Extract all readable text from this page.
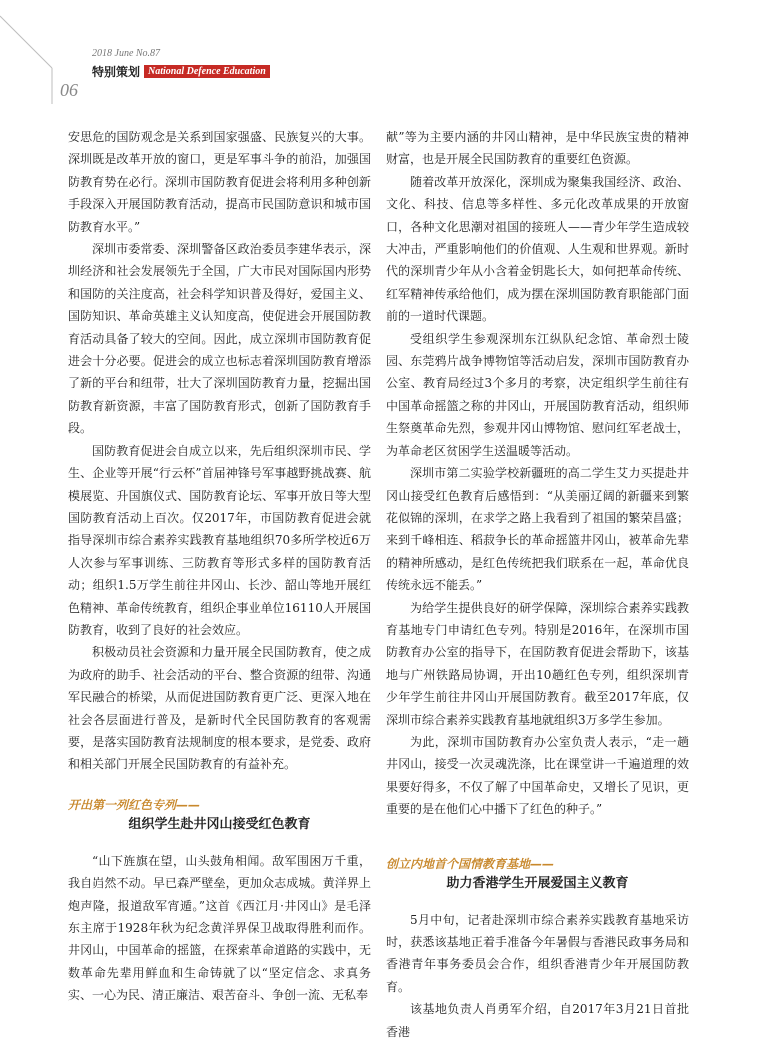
2018 June No.87
特别策划 National Defence Education
06

安思危的国防观念是关系到国家强盛、民族复兴的大事。深圳既是改革开放的窗口，更是军事斗争的前沿，加强国防教育势在必行。深圳市国防教育促进会将利用多种创新手段深入开展国防教育活动，提高市民国防意识和城市国防教育水平。”

深圳市委常委、深圳警备区政治委员李建华表示，深圳经济和社会发展领先于全国，广大市民对国际国内形势和国防的关注度高，社会科学知识普及得好，爱国主义、国防知识、革命英雄主义认知度高，使促进会开展国防教育活动具备了较大的空间。因此，成立深圳市国防教育促进会十分必要。促进会的成立也标志着深圳国防教育增添了新的平台和纽带，壮大了深圳国防教育力量，挖掘出国防教育新资源，丰富了国防教育形式，创新了国防教育手段。

国防教育促进会自成立以来，先后组织深圳市民、学生、企业等开展“行云杯”首届神锋号军事越野挑战赛、航模展览、升国旗仪式、国防教育论坛、军事开放日等大型国防教育活动上百次。仅2017年，市国防教育促进会就指导深圳市综合素养实践教育基地组织70多所学校近6万人次参与军事训练、三防教育等形式多样的国防教育活动；组织1.5万学生前往井冈山、长沙、韶山等地开展红色精神、革命传统教育，组织企事业单位16110人开展国防教育，收到了良好的社会效应。

积极动员社会资源和力量开展全民国防教育，使之成为政府的助手、社会活动的平台、整合资源的纽带、沟通军民融合的桥梁，从而促进国防教育更广泛、更深入地在社会各层面进行普及，是新时代全民国防教育的客观需要，是落实国防教育法规制度的根本要求，是党委、政府和相关部门开展全民国防教育的有益补充。

开出第一列红色专列——
组织学生赴井冈山接受红色教育

“山下旌旗在望，山头鼓角相闻。敌军围困万千重，我自岿然不动。早已森严壁垒，更加众志成城。黄洋界上炮声隆，报道敌军宵遁。”这首《西江月·井冈山》是毛泽东主席于1928年秋为纪念黄洋界保卫战取得胜利而作。井冈山，中国革命的摇篮，在探索革命道路的实践中，无数革命先辈用鲜血和生命铸就了以“坚定信念、求真务实、一心为民、清正廉洁、艰苦奋斗、争创一流、无私奉

献”等为主要内涵的井冈山精神，是中华民族宝贵的精神财富，也是开展全民国防教育的重要红色资源。

随着改革开放深化，深圳成为聚集我国经济、政治、文化、科技、信息等多样性、多元化改革成果的开放窗口，各种文化思潮对祖国的接班人——青少年学生造成较大冲击，严重影响他们的价值观、人生观和世界观。新时代的深圳青少年从小含着金钥匙长大，如何把革命传统、红军精神传承给他们，成为摆在深圳国防教育职能部门面前的一道时代课题。

受组织学生参观深圳东江纵队纪念馆、革命烈士陵园、东莞鸦片战争博物馆等活动启发，深圳市国防教育办公室、教育局经过3个多月的考察，决定组织学生前往有中国革命摇篮之称的井冈山，开展国防教育活动，组织师生祭奠革命先烈，参观井冈山博物馆、慰问红军老战士，为革命老区贫困学生送温暖等活动。

深圳市第二实验学校新疆班的高二学生艾力买提赴井冈山接受红色教育后感悟到：“从美丽辽阔的新疆来到繁花似锦的深圳，在求学之路上我看到了祖国的繁荣昌盛；来到千峰相连、稻菽争长的革命摇篮井冈山，被革命先辈的精神所感动，是红色传统把我们联系在一起，革命优良传统永远不能丢。”

为给学生提供良好的研学保障，深圳综合素养实践教育基地专门申请红色专列。特别是2016年，在深圳市国防教育办公室的指导下，在国防教育促进会帮助下，该基地与广州铁路局协调，开出10趟红色专列，组织深圳青少年学生前往井冈山开展国防教育。截至2017年底，仅深圳市综合素养实践教育基地就组织3万多学生参加。

为此，深圳市国防教育办公室负责人表示，“走一趟井冈山，接受一次灵魂洗涤，比在课堂讲一千遍道理的效果要好得多，不仅了解了中国革命史，又增长了见识，更重要的是在他们心中播下了红色的种子。”

创立内地首个国情教育基地——
助力香港学生开展爱国主义教育

5月中旬，记者赴深圳市综合素养实践教育基地采访时，获悉该基地正着手准备今年暑假与香港民政事务局和香港青年事务委员会合作，组织香港青少年开展国防教育。

该基地负责人肖勇军介绍，自2017年3月21日首批香港
